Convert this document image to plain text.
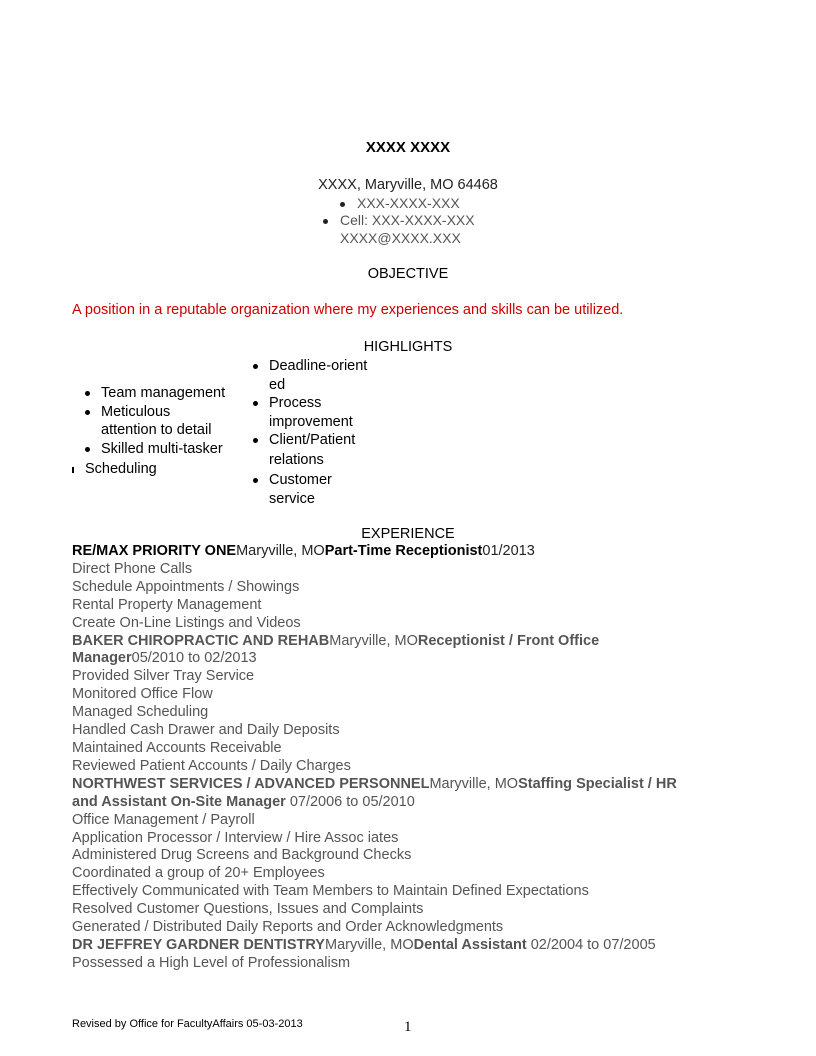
XXXX XXXX
XXXX, Maryville, MO 64468
XXX-XXXX-XXX
Cell: XXX-XXXX-XXX
XXXX@XXXX.XXX
OBJECTIVE
A position in a reputable organization where my experiences and skills can be utilized.
HIGHLIGHTS
Team management
Meticulous
attention to detail
Skilled multi-tasker
Scheduling
Deadline-orient
ed
Process
improvement
Client/Patient
relations
Customer
service
EXPERIENCE
RE/MAX PRIORITY ONEMaryville, MOPart-Time Receptionist01/2013
Direct Phone Calls
Schedule Appointments / Showings
Rental Property Management
Create On-Line Listings and Videos
BAKER CHIROPRACTIC AND REHABMaryville, MOReceptionist / Front Office
Manager05/2010 to 02/2013
Provided Silver Tray Service
Monitored Office Flow
Managed Scheduling
Handled Cash Drawer and Daily Deposits
Maintained Accounts Receivable
Reviewed Patient Accounts / Daily Charges
NORTHWEST SERVICES / ADVANCED PERSONNELMaryville, MOStaffing Specialist / HR
and Assistant On-Site Manager 07/2006 to 05/2010
Office Management / Payroll
Application Processor / Interview / Hire Assoc iates
Administered Drug Screens and Background Checks
Coordinated a group of 20+ Employees
Effectively Communicated with Team Members to Maintain Defined Expectations
Resolved Customer Questions, Issues and Complaints
Generated / Distributed Daily Reports and Order Acknowledgments
DR JEFFREY GARDNER DENTISTRYMaryville, MODental Assistant 02/2004 to 07/2005
Possessed a High Level of Professionalism
Revised by Office for FacultyAffairs 05-03-2013	1
